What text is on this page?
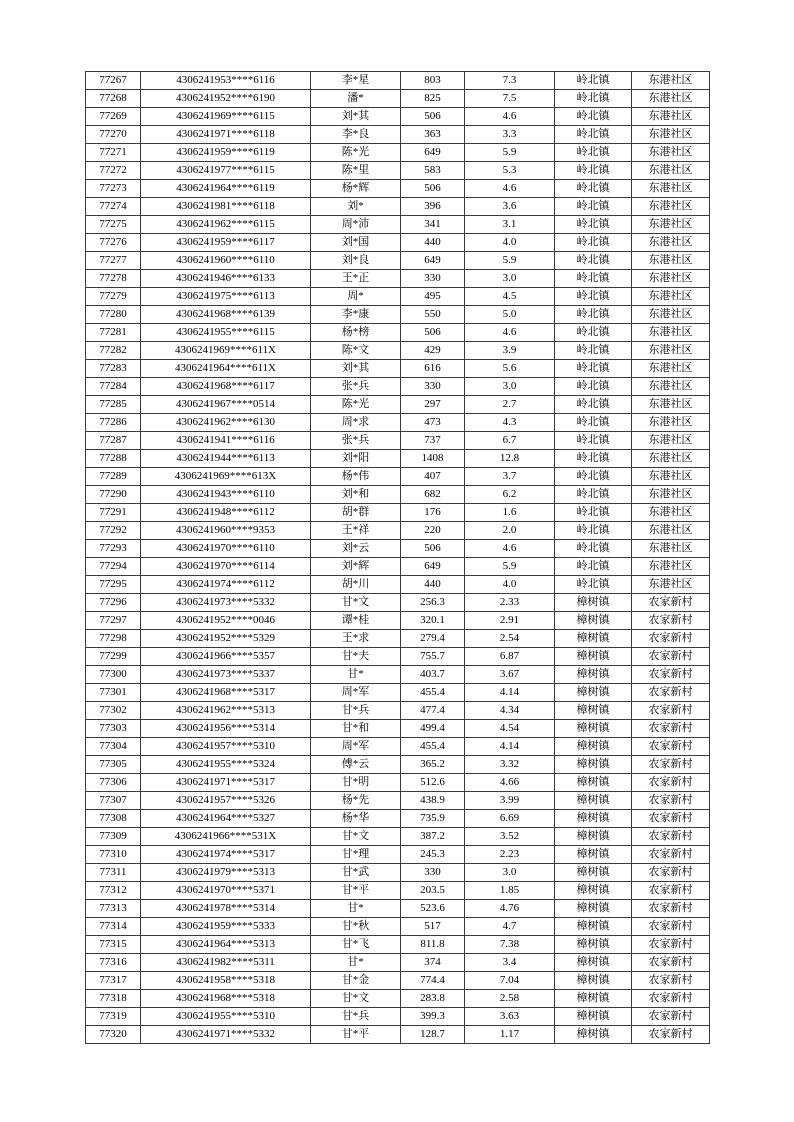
77267	4306241953****6116	李*星	803	7.3	岭北镇	东港社区
77268	4306241952****6190	潘*	825	7.5	岭北镇	东港社区
77269	4306241969****6115	刘*其	506	4.6	岭北镇	东港社区
77270	4306241971****6118	李*良	363	3.3	岭北镇	东港社区
77271	4306241959****6119	陈*光	649	5.9	岭北镇	东港社区
77272	4306241977****6115	陈*里	583	5.3	岭北镇	东港社区
77273	4306241964****6119	杨*辉	506	4.6	岭北镇	东港社区
77274	4306241981****6118	刘*	396	3.6	岭北镇	东港社区
77275	4306241962****6115	周*沛	341	3.1	岭北镇	东港社区
77276	4306241959****6117	刘*国	440	4.0	岭北镇	东港社区
77277	4306241960****6110	刘*良	649	5.9	岭北镇	东港社区
77278	4306241946****6133	王*正	330	3.0	岭北镇	东港社区
77279	4306241975****6113	周*	495	4.5	岭北镇	东港社区
77280	4306241968****6139	李*康	550	5.0	岭北镇	东港社区
77281	4306241955****6115	杨*榜	506	4.6	岭北镇	东港社区
77282	4306241969****611X	陈*文	429	3.9	岭北镇	东港社区
77283	4306241964****611X	刘*其	616	5.6	岭北镇	东港社区
77284	4306241968****6117	张*兵	330	3.0	岭北镇	东港社区
77285	4306241967****0514	陈*光	297	2.7	岭北镇	东港社区
77286	4306241962****6130	周*求	473	4.3	岭北镇	东港社区
77287	4306241941****6116	张*兵	737	6.7	岭北镇	东港社区
77288	4306241944****6113	刘*阳	1408	12.8	岭北镇	东港社区
77289	4306241969****613X	杨*伟	407	3.7	岭北镇	东港社区
77290	4306241943****6110	刘*和	682	6.2	岭北镇	东港社区
77291	4306241948****6112	胡*群	176	1.6	岭北镇	东港社区
77292	4306241960****9353	王*祥	220	2.0	岭北镇	东港社区
77293	4306241970****6110	刘*云	506	4.6	岭北镇	东港社区
77294	4306241970****6114	刘*辉	649	5.9	岭北镇	东港社区
77295	4306241974****6112	胡*川	440	4.0	岭北镇	东港社区
77296	4306241973****5332	甘*文	256.3	2.33	樟树镇	农家新村
77297	4306241952****0046	谭*桂	320.1	2.91	樟树镇	农家新村
77298	4306241952****5329	王*求	279.4	2.54	樟树镇	农家新村
77299	4306241966****5357	甘*夫	755.7	6.87	樟树镇	农家新村
77300	4306241973****5337	甘*	403.7	3.67	樟树镇	农家新村
77301	4306241968****5317	周*军	455.4	4.14	樟树镇	农家新村
77302	4306241962****5313	甘*兵	477.4	4.34	樟树镇	农家新村
77303	4306241956****5314	甘*和	499.4	4.54	樟树镇	农家新村
77304	4306241957****5310	周*军	455.4	4.14	樟树镇	农家新村
77305	4306241955****5324	傅*云	365.2	3.32	樟树镇	农家新村
77306	4306241971****5317	甘*明	512.6	4.66	樟树镇	农家新村
77307	4306241957****5326	杨*先	438.9	3.99	樟树镇	农家新村
77308	4306241964****5327	杨*华	735.9	6.69	樟树镇	农家新村
77309	4306241966****531X	甘*文	387.2	3.52	樟树镇	农家新村
77310	4306241974****5317	甘*理	245.3	2.23	樟树镇	农家新村
77311	4306241979****5313	甘*武	330	3.0	樟树镇	农家新村
77312	4306241970****5371	甘*平	203.5	1.85	樟树镇	农家新村
77313	4306241978****5314	甘*	523.6	4.76	樟树镇	农家新村
77314	4306241959****5333	甘*秋	517	4.7	樟树镇	农家新村
77315	4306241964****5313	甘*飞	811.8	7.38	樟树镇	农家新村
77316	4306241982****5311	甘*	374	3.4	樟树镇	农家新村
77317	4306241958****5318	甘*金	774.4	7.04	樟树镇	农家新村
77318	4306241968****5318	甘*文	283.8	2.58	樟树镇	农家新村
77319	4306241955****5310	甘*兵	399.3	3.63	樟树镇	农家新村
77320	4306241971****5332	甘*平	128.7	1.17	樟树镇	农家新村
